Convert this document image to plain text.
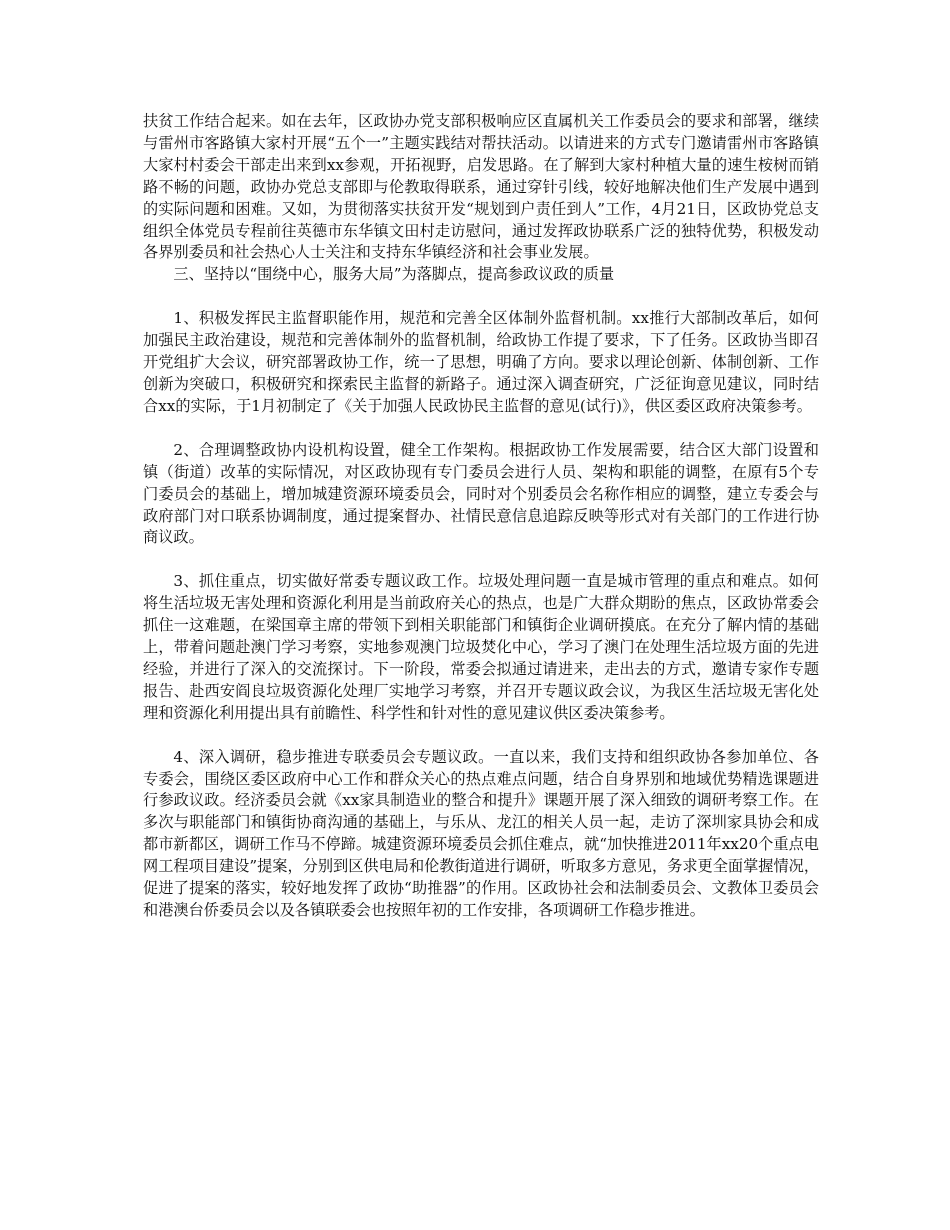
扶贫工作结合起来。如在去年，区政协办党支部积极响应区直属机关工作委员会的要求和部署，继续与雷州市客路镇大家村开展“五个一”主题实践结对帮扶活动。以请进来的方式专门邀请雷州市客路镇大家村村委会干部走出来到xx参观，开拓视野，启发思路。在了解到大家村种植大量的速生桉树而销路不畅的问题，政协办党总支部即与伦教取得联系，通过穿针引线，较好地解决他们生产发展中遇到的实际问题和困难。又如，为贯彻落实扶贫开发“规划到户责任到人”工作，4月21日，区政协党总支组织全体党员专程前往英德市东华镇文田村走访慰问，通过发挥政协联系广泛的独特优势，积极发动各界别委员和社会热心人士关注和支持东华镇经济和社会事业发展。

三、坚持以“围绕中心，服务大局”为落脚点，提高参政议政的质量

1、积极发挥民主监督职能作用，规范和完善全区体制外监督机制。xx推行大部制改革后，如何加强民主政治建设，规范和完善体制外的监督机制，给政协工作提了要求，下了任务。区政协当即召开党组扩大会议，研究部署政协工作，统一了思想，明确了方向。要求以理论创新、体制创新、工作创新为突破口，积极研究和探索民主监督的新路子。通过深入调查研究，广泛征询意见建议，同时结合xx的实际，于1月初制定了《关于加强人民政协民主监督的意见(试行)》，供区委区政府决策参考。

2、合理调整政协内设机构设置，健全工作架构。根据政协工作发展需要，结合区大部门设置和镇（街道）改革的实际情况，对区政协现有专门委员会进行人员、架构和职能的调整，在原有5个专门委员会的基础上，增加城建资源环境委员会，同时对个别委员会名称作相应的调整，建立专委会与政府部门对口联系协调制度，通过提案督办、社情民意信息追踪反映等形式对有关部门的工作进行协商议政。

3、抓住重点，切实做好常委专题议政工作。垃圾处理问题一直是城市管理的重点和难点。如何将生活垃圾无害处理和资源化利用是当前政府关心的热点，也是广大群众期盼的焦点，区政协常委会抓住一这难题，在梁国章主席的带领下到相关职能部门和镇街企业调研摸底。在充分了解内情的基础上，带着问题赴澳门学习考察，实地参观澳门垃圾焚化中心，学习了澳门在处理生活垃圾方面的先进经验，并进行了深入的交流探讨。下一阶段，常委会拟通过请进来，走出去的方式，邀请专家作专题报告、赴西安阎良垃圾资源化处理厂实地学习考察，并召开专题议政会议，为我区生活垃圾无害化处理和资源化利用提出具有前瞻性、科学性和针对性的意见建议供区委决策参考。

4、深入调研，稳步推进专联委员会专题议政。一直以来，我们支持和组织政协各参加单位、各专委会，围绕区委区政府中心工作和群众关心的热点难点问题，结合自身界别和地域优势精选课题进行参政议政。经济委员会就《xx家具制造业的整合和提升》课题开展了深入细致的调研考察工作。在多次与职能部门和镇街协商沟通的基础上，与乐从、龙江的相关人员一起，走访了深圳家具协会和成都市新都区，调研工作马不停蹄。城建资源环境委员会抓住难点，就“加快推进2011年xx20个重点电网工程项目建设”提案，分别到区供电局和伦教街道进行调研，听取多方意见，务求更全面掌握情况，促进了提案的落实，较好地发挥了政协“助推器”的作用。区政协社会和法制委员会、文教体卫委员会和港澳台侨委员会以及各镇联委会也按照年初的工作安排，各项调研工作稳步推进。
